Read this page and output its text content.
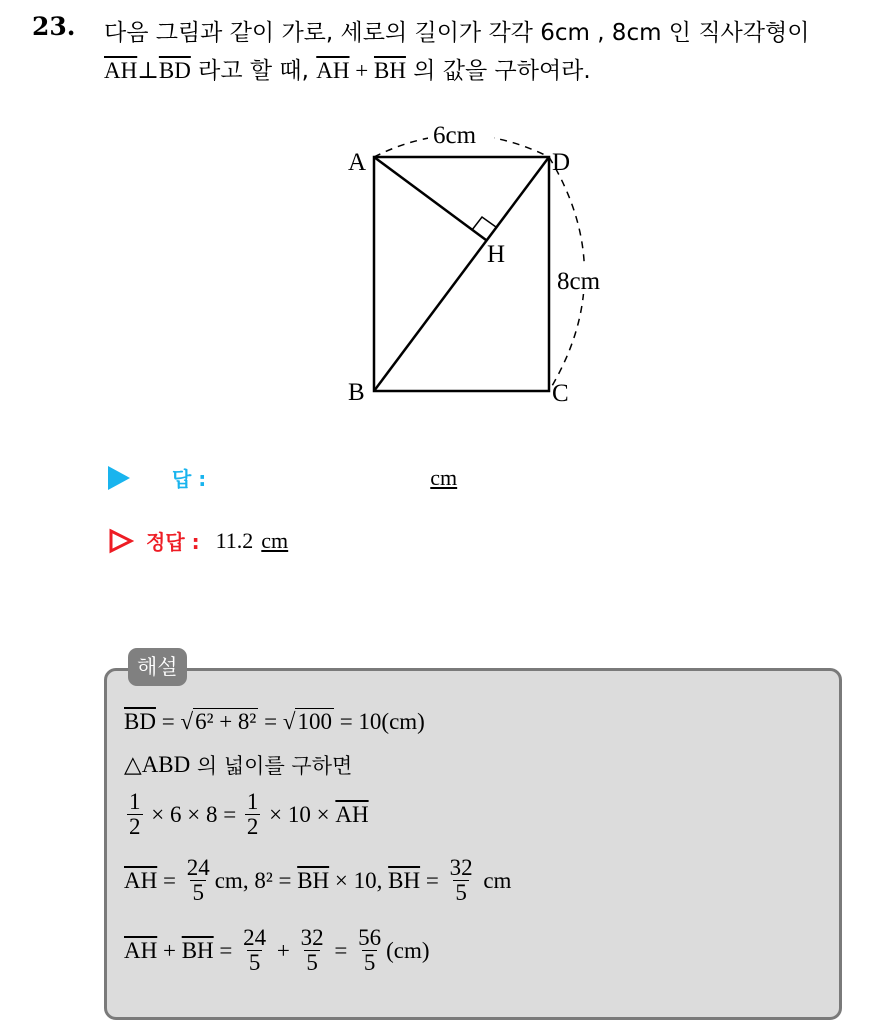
23. 다음 그림과 같이 가로, 세로의 길이가 각각 6cm , 8cm 인 직사각형이
$\overline{AH}\perp\overline{BD}$ 라고 할 때, $\overline{AH} + \overline{BH}$ 의 값을 구하여라.
A	D
B	C
H
6cm
8cm
답 :	cm
정답 : 11.2 cm
해설
$\overline{BD}$ = √ 6² + 8² = √ 100 = 10(cm)
△ABD 의 넓이를 구하면
$\frac{1}{2} \times 6 \times 8 = \frac{1}{2} \times 10 \times \overline{AH}$
$\overline{AH} = \frac{24}{5}$ cm, $8^2 = \overline{BH} \times 10$, $\overline{BH} = \frac{32}{5}$ cm
$\overline{AH} + \overline{BH} = \frac{24}{5} + \frac{32}{5} = \frac{56}{5} (cm)$
